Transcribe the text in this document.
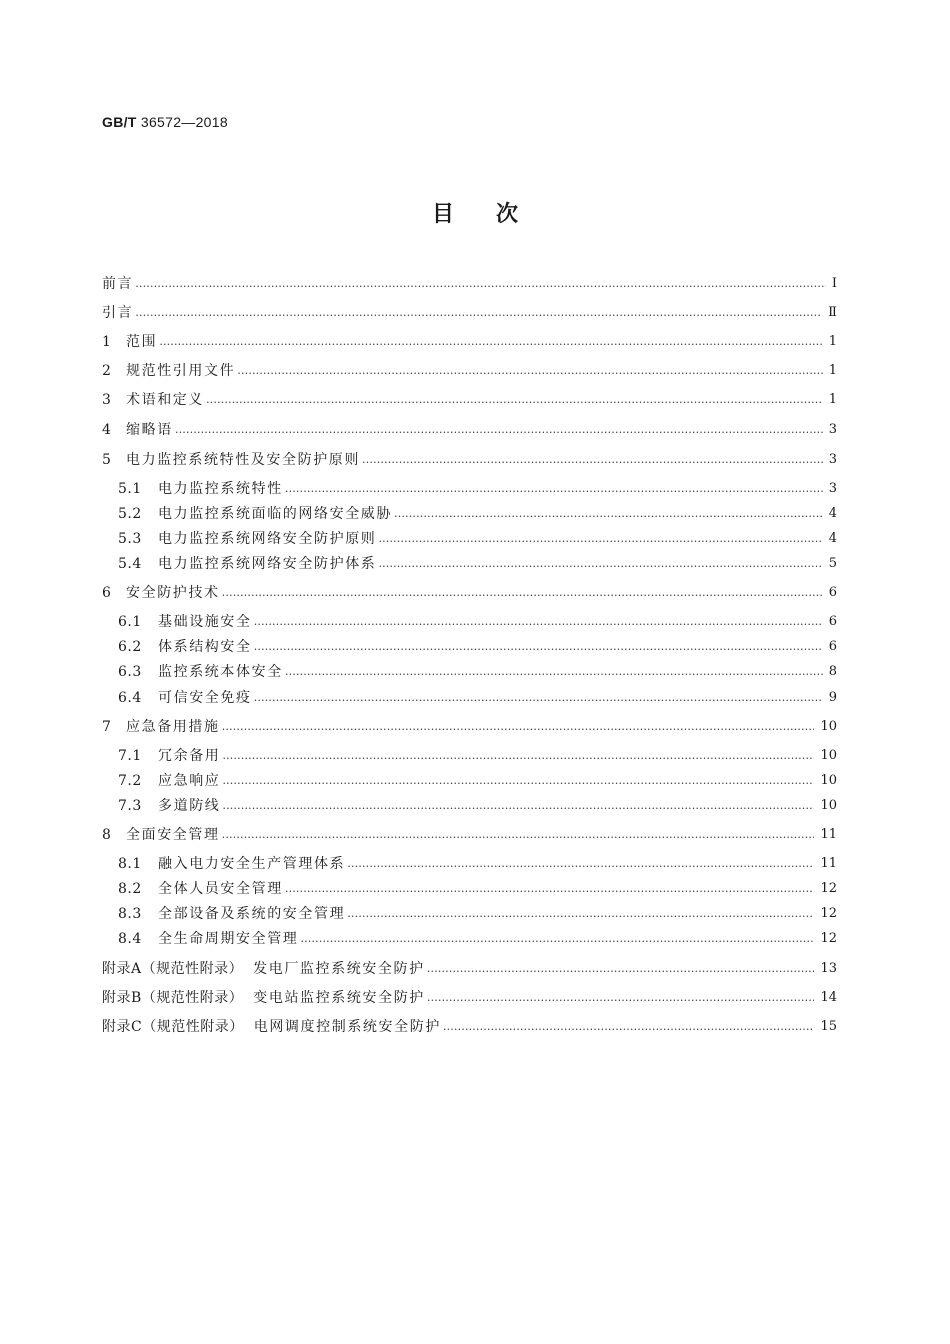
GB/T 36572—2018
目次
前言 …………………………………………………………………………………………………………………………………………………………………………………………………………………………………………………	Ⅰ
引言 …………………………………………………………………………………………………………………………………………………………………………………………………………………………………………………	Ⅱ
1	范围 …………………………………………………………………………………………………………………………………………………………………………………………………………………………………………………	1
2	规范性引用文件 …………………………………………………………………………………………………………………………………………………………………………………………………………………………………………………	1
3	术语和定义 …………………………………………………………………………………………………………………………………………………………………………………………………………………………………………………	1
4	缩略语 …………………………………………………………………………………………………………………………………………………………………………………………………………………………………………………	3
5	电力监控系统特性及安全防护原则 …………………………………………………………………………………………………………………………………………………………………………………………………………………………………………………	3
5.1	电力监控系统特性 …………………………………………………………………………………………………………………………………………………………………………………………………………………………………………………	3
5.2	电力监控系统面临的网络安全威胁 …………………………………………………………………………………………………………………………………………………………………………………………………………………………………………………	4
5.3	电力监控系统网络安全防护原则 …………………………………………………………………………………………………………………………………………………………………………………………………………………………………………………	4
5.4	电力监控系统网络安全防护体系 …………………………………………………………………………………………………………………………………………………………………………………………………………………………………………………	5
6	安全防护技术 …………………………………………………………………………………………………………………………………………………………………………………………………………………………………………………	6
6.1	基础设施安全 …………………………………………………………………………………………………………………………………………………………………………………………………………………………………………………	6
6.2	体系结构安全 …………………………………………………………………………………………………………………………………………………………………………………………………………………………………………………	6
6.3	监控系统本体安全 …………………………………………………………………………………………………………………………………………………………………………………………………………………………………………………	8
6.4	可信安全免疫 …………………………………………………………………………………………………………………………………………………………………………………………………………………………………………………	9
7	应急备用措施 …………………………………………………………………………………………………………………………………………………………………………………………………………………………………………………	10
7.1	冗余备用 …………………………………………………………………………………………………………………………………………………………………………………………………………………………………………………	10
7.2	应急响应 …………………………………………………………………………………………………………………………………………………………………………………………………………………………………………………	10
7.3	多道防线 …………………………………………………………………………………………………………………………………………………………………………………………………………………………………………………	10
8	全面安全管理 …………………………………………………………………………………………………………………………………………………………………………………………………………………………………………………	11
8.1	融入电力安全生产管理体系 …………………………………………………………………………………………………………………………………………………………………………………………………………………………………………………	11
8.2	全体人员安全管理 …………………………………………………………………………………………………………………………………………………………………………………………………………………………………………………	12
8.3	全部设备及系统的安全管理 …………………………………………………………………………………………………………………………………………………………………………………………………………………………………………………	12
8.4	全生命周期安全管理 …………………………………………………………………………………………………………………………………………………………………………………………………………………………………………………	12
附录A（规范性附录） 发电厂监控系统安全防护 …………………………………………………………………………………………………………………………………………………………………………………………………………………………………………………	13
附录B（规范性附录） 变电站监控系统安全防护 …………………………………………………………………………………………………………………………………………………………………………………………………………………………………………………	14
附录C（规范性附录） 电网调度控制系统安全防护 …………………………………………………………………………………………………………………………………………………………………………………………………………………………………………………	15
